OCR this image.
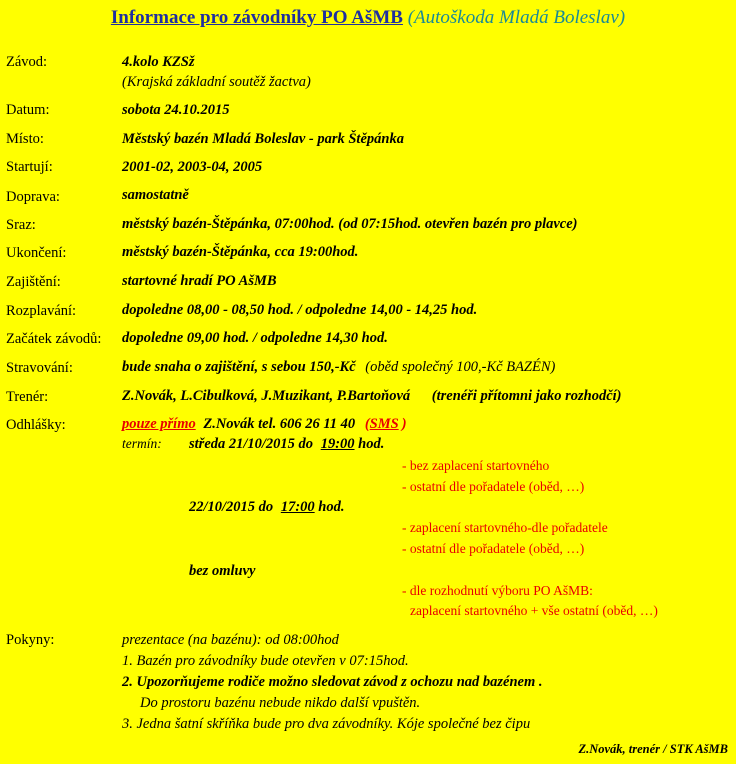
Informace pro závodníky PO AšMB (Autoškoda Mladá Boleslav)
Závod:	4.kolo KZSž
(Krajská základní soutěž žactva)
Datum:	sobota 24.10.2015
Místo:	Městský bazén Mladá Boleslav - park Štěpánka
Startují:	2001-02, 2003-04, 2005
Doprava:	samostatně
Sraz:	městský bazén-Štěpánka, 07:00hod. (od 07:15hod. otevřen bazén pro plavce)
Ukončení:	městský bazén-Štěpánka, cca 19:00hod.
Zajištění:	startovné hradí PO AšMB
Rozplavání:	dopoledne 08,00 - 08,50 hod. / odpoledne 14,00 - 14,25 hod.
Začátek závodů: dopoledne 09,00 hod. / odpoledne 14,30 hod.
Stravování:	bude snaha o zajištění, s sebou 150,-Kč (oběd společný 100,-Kč BAZÉN)
Trenér:	Z.Novák, L.Cibulková, J.Muzikant, P.Bartoňová (trenéři přítomni jako rozhodčí)
Odhlášky:	pouze přímo Z.Novák tel. 606 26 11 40 (SMS )
termín: středa 21/10/2015 do 19:00 hod.
- bez zaplacení startovného
- ostatní dle pořadatele (oběd, …)
22/10/2015 do 17:00 hod.
- zaplacení startovného-dle pořadatele
- ostatní dle pořadatele (oběd, …)
bez omluvy
- dle rozhodnutí výboru PO AšMB:
zaplacení startovného + vše ostatní (oběd, …)
Pokyny:	prezentace (na bazénu): od 08:00hod
1. Bazén pro závodníky bude otevřen v 07:15hod.
2. Upozorňujeme rodiče možno sledovat závod z ochozu nad bazénem .
Do prostoru bazénu nebude nikdo další vpuštěn.
3. Jedna šatní skříňka bude pro dva závodníky. Kóje společné bez čipu
Z.Novák, trenér / STK AšMB
